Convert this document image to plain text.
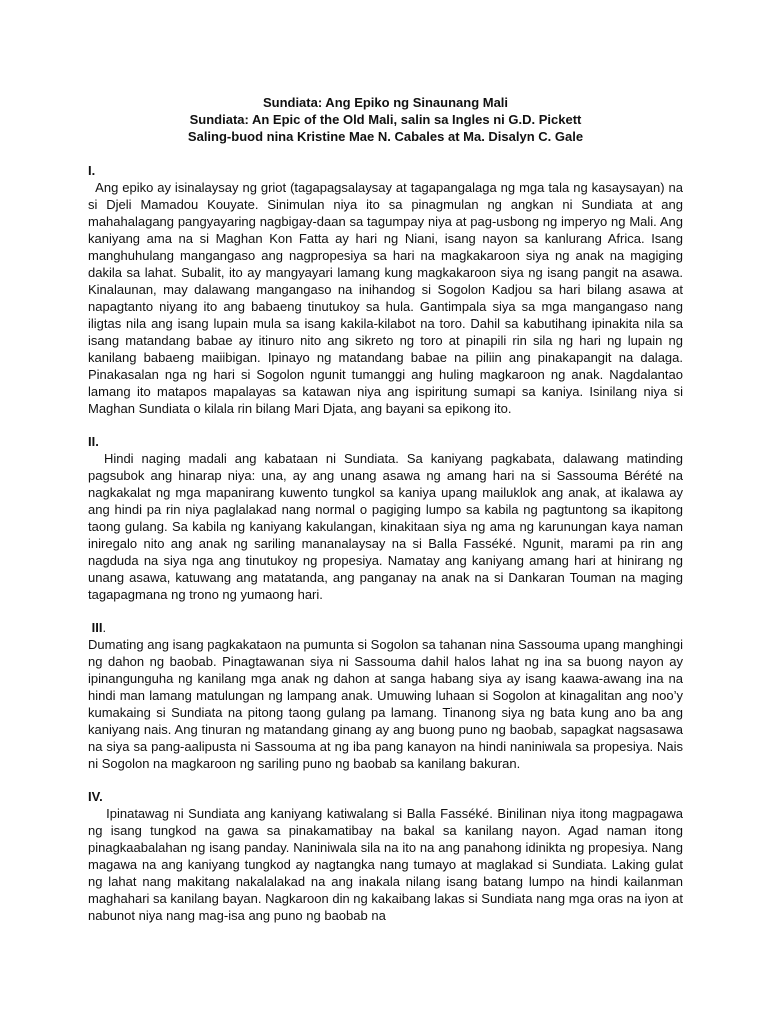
Sundiata: Ang Epiko ng Sinaunang Mali
Sundiata: An Epic of the Old Mali, salin sa Ingles ni G.D. Pickett
Saling-buod nina Kristine Mae N. Cabales at Ma. Disalyn C. Gale
I.

Ang epiko ay isinalaysay ng griot (tagapagsalaysay at tagapangalaga ng mga tala ng kasaysayan) na si Djeli Mamadou Kouyate. Sinimulan niya ito sa pinagmulan ng angkan ni Sundiata at ang mahahalagang pangyayaring nagbigay-daan sa tagumpay niya at pag-usbong ng imperyo ng Mali. Ang kaniyang ama na si Maghan Kon Fatta ay hari ng Niani, isang nayon sa kanlurang Africa. Isang manghuhulang mangangaso ang nagpropesiya sa hari na magkakaroon siya ng anak na magiging dakila sa lahat. Subalit, ito ay mangyayari lamang kung magkakaroon siya ng isang pangit na asawa. Kinalaunan, may dalawang mangangaso na inihandog si Sogolon Kadjou sa hari bilang asawa at napagtanto niyang ito ang babaeng tinutukoy sa hula. Gantimpala siya sa mga mangangaso nang iligtas nila ang isang lupain mula sa isang kakila-kilabot na toro. Dahil sa kabutihang ipinakita nila sa isang matandang babae ay itinuro nito ang sikreto ng toro at pinapili rin sila ng hari ng lupain ng kanilang babaeng maiibigan. Ipinayo ng matandang babae na piliin ang pinakapangit na dalaga. Pinakasalan nga ng hari si Sogolon ngunit tumanggi ang huling magkaroon ng anak. Nagdalantao lamang ito matapos mapalayas sa katawan niya ang ispiritung sumapi sa kaniya. Isinilang niya si Maghan Sundiata o kilala rin bilang Mari Djata, ang bayani sa epikong ito.

II.

Hindi naging madali ang kabataan ni Sundiata. Sa kaniyang pagkabata, dalawang matinding pagsubok ang hinarap niya: una, ay ang unang asawa ng amang hari na si Sassouma Bérété na nagkakalat ng mga mapanirang kuwento tungkol sa kaniya upang mailuklok ang anak, at ikalawa ay ang hindi pa rin niya paglalakad nang normal o pagiging lumpo sa kabila ng pagtuntong sa ikapitong taong gulang. Sa kabila ng kaniyang kakulangan, kinakitaan siya ng ama ng karunungan kaya naman iniregalo nito ang anak ng sariling mananalaysay na si Balla Fasséké. Ngunit, marami pa rin ang nagduda na siya nga ang tinutukoy ng propesiya. Namatay ang kaniyang amang hari at hinirang ng unang asawa, katuwang ang matatanda, ang panganay na anak na si Dankaran Touman na maging tagapagmana ng trono ng yumaong hari.

III.

Dumating ang isang pagkakataon na pumunta si Sogolon sa tahanan nina Sassouma upang manghingi ng dahon ng baobab. Pinagtawanan siya ni Sassouma dahil halos lahat ng ina sa buong nayon ay ipinangunguha ng kanilang mga anak ng dahon at sanga habang siya ay isang kaawa-awang ina na hindi man lamang matulungan ng lampang anak. Umuwing luhaan si Sogolon at kinagalitan ang noo’y kumakaing si Sundiata na pitong taong gulang pa lamang. Tinanong siya ng bata kung ano ba ang kaniyang nais. Ang tinuran ng matandang ginang ay ang buong puno ng baobab, sapagkat nagsasawa na siya sa pang-aalipusta ni Sassouma at ng iba pang kanayon na hindi naniniwala sa propesiya. Nais ni Sogolon na magkaroon ng sariling puno ng baobab sa kanilang bakuran.

IV.

Ipinatawag ni Sundiata ang kaniyang katiwalang si Balla Fasséké. Binilinan niya itong magpagawa ng isang tungkod na gawa sa pinakamatibay na bakal sa kanilang nayon. Agad naman itong pinagkaabalahan ng isang panday. Naniniwala sila na ito na ang panahong idinikta ng propesiya. Nang magawa na ang kaniyang tungkod ay nagtangka nang tumayo at maglakad si Sundiata. Laking gulat ng lahat nang makitang nakalalakad na ang inakala nilang isang batang lumpo na hindi kailanman maghahari sa kanilang bayan. Nagkaroon din ng kakaibang lakas si Sundiata nang mga oras na iyon at nabunot niya nang mag-isa ang puno ng baobab na
